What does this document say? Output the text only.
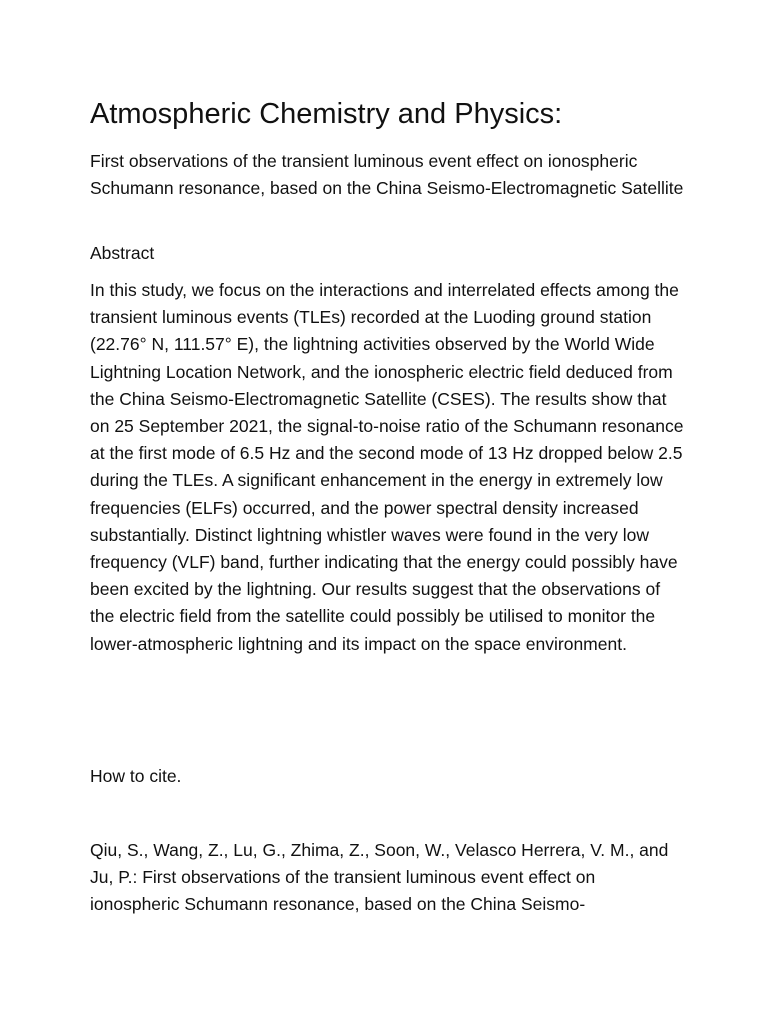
Atmospheric Chemistry and Physics:

First observations of the transient luminous event effect on ionospheric Schumann resonance, based on the China Seismo-Electromagnetic Satellite

Abstract

In this study, we focus on the interactions and interrelated effects among the transient luminous events (TLEs) recorded at the Luoding ground station (22.76° N, 111.57° E), the lightning activities observed by the World Wide Lightning Location Network, and the ionospheric electric field deduced from the China Seismo-Electromagnetic Satellite (CSES). The results show that on 25 September 2021, the signal-to-noise ratio of the Schumann resonance at the first mode of 6.5 Hz and the second mode of 13 Hz dropped below 2.5 during the TLEs. A significant enhancement in the energy in extremely low frequencies (ELFs) occurred, and the power spectral density increased substantially. Distinct lightning whistler waves were found in the very low frequency (VLF) band, further indicating that the energy could possibly have been excited by the lightning. Our results suggest that the observations of the electric field from the satellite could possibly be utilised to monitor the lower-atmospheric lightning and its impact on the space environment.

How to cite.

Qiu, S., Wang, Z., Lu, G., Zhima, Z., Soon, W., Velasco Herrera, V. M., and Ju, P.: First observations of the transient luminous event effect on ionospheric Schumann resonance, based on the China Seismo-
